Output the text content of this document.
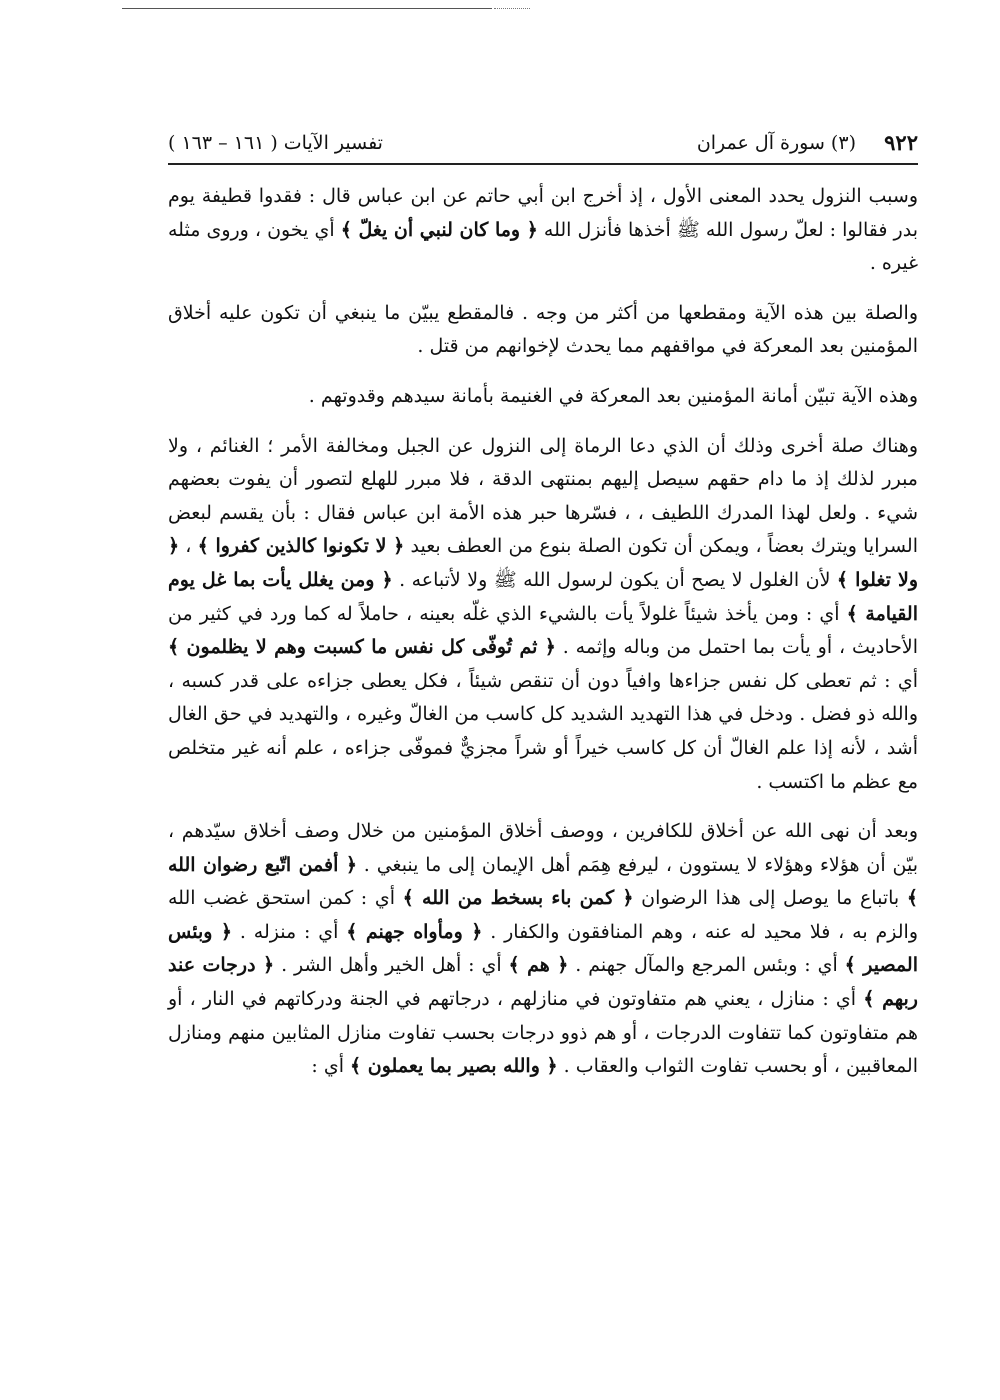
٩٢٢
(٣) سورة آل عمران
تفسير الآيات ( ١٦١ – ١٦٣ )

وسبب النزول يحدد المعنى الأول ، إذ أخرج ابن أبي حاتم عن ابن عباس قال : فقدوا قطيفة يوم بدر فقالوا : لعلّ رسول الله ﷺ أخذها فأنزل الله ﴿ وما كان لنبي أن يغلّ ﴾ أي يخون ، وروى مثله غيره .

والصلة بين هذه الآية ومقطعها من أكثر من وجه . فالمقطع يبيّن ما ينبغي أن تكون عليه أخلاق المؤمنين بعد المعركة في مواقفهم مما يحدث لإخوانهم من قتل .

وهذه الآية تبيّن أمانة المؤمنين بعد المعركة في الغنيمة بأمانة سيدهم وقدوتهم .

وهناك صلة أخرى وذلك أن الذي دعا الرماة إلى النزول عن الجبل ومخالفة الأمر ؛ الغنائم ، ولا مبرر لذلك إذ ما دام حقهم سيصل إليهم بمنتهى الدقة ، فلا مبرر للهلع لتصور أن يفوت بعضهم شيء . ولعل لهذا المدرك اللطيف ، ، فسّرها حبر هذه الأمة ابن عباس فقال : بأن يقسم لبعض السرايا ويترك بعضاً ، ويمكن أن تكون الصلة بنوع من العطف بعيد ﴿ لا تكونوا كالذين كفروا ﴾ ، ﴿ ولا تغلوا ﴾ لأن الغلول لا يصح أن يكون لرسول الله ﷺ ولا لأتباعه . ﴿ ومن يغلل يأت بما غل يوم القيامة ﴾ أي : ومن يأخذ شيئاً غلولاً يأت بالشيء الذي غلّه بعينه ، حاملاً له كما ورد في كثير من الأحاديث ، أو يأت بما احتمل من وباله وإثمه . ﴿ ثم تُوفّى كل نفس ما كسبت وهم لا يظلمون ﴾ أي : ثم تعطى كل نفس جزاءها وافياً دون أن تنقص شيئاً ، فكل يعطى جزاءه على قدر كسبه ، والله ذو فضل . ودخل في هذا التهديد الشديد كل كاسب من الغالّ وغيره ، والتهديد في حق الغال أشد ، لأنه إذا علم الغالّ أن كل كاسب خيراً أو شراً مجزيٌّ فموفّى جزاءه ، علم أنه غير متخلص مع عظم ما اكتسب .

وبعد أن نهى الله عن أخلاق للكافرين ، ووصف أخلاق المؤمنين من خلال وصف أخلاق سيّدهم ، بيّن أن هؤلاء وهؤلاء لا يستوون ، ليرفع هِمَم أهل الإيمان إلى ما ينبغي . ﴿ أفمن اتّبع رضوان الله ﴾ باتباع ما يوصل إلى هذا الرضوان ﴿ كمن باء بسخط من الله ﴾ أي : كمن استحق غضب الله والزم به ، فلا محيد له عنه ، وهم المنافقون والكفار . ﴿ ومأواه جهنم ﴾ أي : منزله . ﴿ وبئس المصير ﴾ أي : وبئس المرجع والمآل جهنم . ﴿ هم ﴾ أي : أهل الخير وأهل الشر . ﴿ درجات عند ربهم ﴾ أي : منازل ، يعني هم متفاوتون في منازلهم ، درجاتهم في الجنة ودركاتهم في النار ، أو هم متفاوتون كما تتفاوت الدرجات ، أو هم ذوو درجات بحسب تفاوت منازل المثابين منهم ومنازل المعاقبين ، أو بحسب تفاوت الثواب والعقاب . ﴿ والله بصير بما يعملون ﴾ أي :
